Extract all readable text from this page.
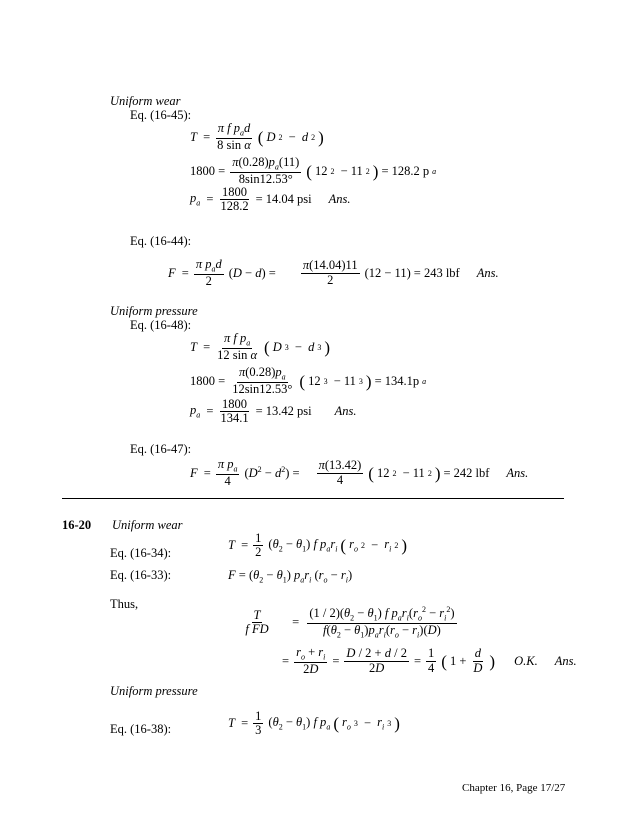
Uniform wear
Eq. (16-45):
$T = \frac{\pi f p_ad}{\text{8 sin α}}$ ( D 2 − d 2 )
$1800 = \frac{\pi(0.28)p_a(11)}{8\sin 12.53^\circ}$ ( 12 2 − 11 2 ) = 128.2 p a
$p_a = \frac{1800}{128.2} = 14.04$ psi Ans.
Eq. (16-44):
$F = \frac{\pi p_ad}{2} (D - d) = \frac{\pi(14.04)11}{2} (12 - 11) = 243$ lbf Ans.
Uniform pressure
Eq. (16-48):
$T = \frac{\pi f p_a}{\text{12 sin α}}$ ( D 3 − d 3 )
$1800 = \frac{\pi(0.28)p_a}{12\sin 12.53^\circ}$ ( 12 3 − 11 3 ) = 134.1p a
$p_a = \frac{1800}{134.1} = 13.42$ psi Ans.
Eq. (16-47):
$F = \frac{\pi p_a}{4} (D^2 - d^2) = \frac{\pi(13.42)}{4}$ ( 12 2 − 11 2 ) = 242 lbf Ans.
16-20 Uniform wear
Eq. (16-34):
$T = \frac{1}{2} (\theta_2 - \theta_1)$ f $p_ar_i$ ( $r_o$ $2 - r_i$ 2 )
Eq. (16-33):	$F = (\theta_2 - \theta_1)$ $p_ar_i$ $(r_o - r_i)$
Thus,
$\frac{T}{\text{f FD}} = \frac{(1 / 2)(\theta_2 - \theta_1) f p_ar_i(r_o^2 - r_i^2)}{f(\theta_2 - \theta_1)p_ar_i(r_o - r_i)(D)}$
= $\frac{r_o + r_i}{2D} = \frac{D / 2 + d / 2}{2D} = \frac{1}{4}$ ( $1 + \frac{d}{D}$ ) O.K. Ans.
Uniform pressure
Eq. (16-38):	$T = \frac{1}{3} (\theta_2 - \theta_1)$ f $p_a$ ( $r_o$ $3 - r_i$ 3 )
Chapter 16, Page 17/27
